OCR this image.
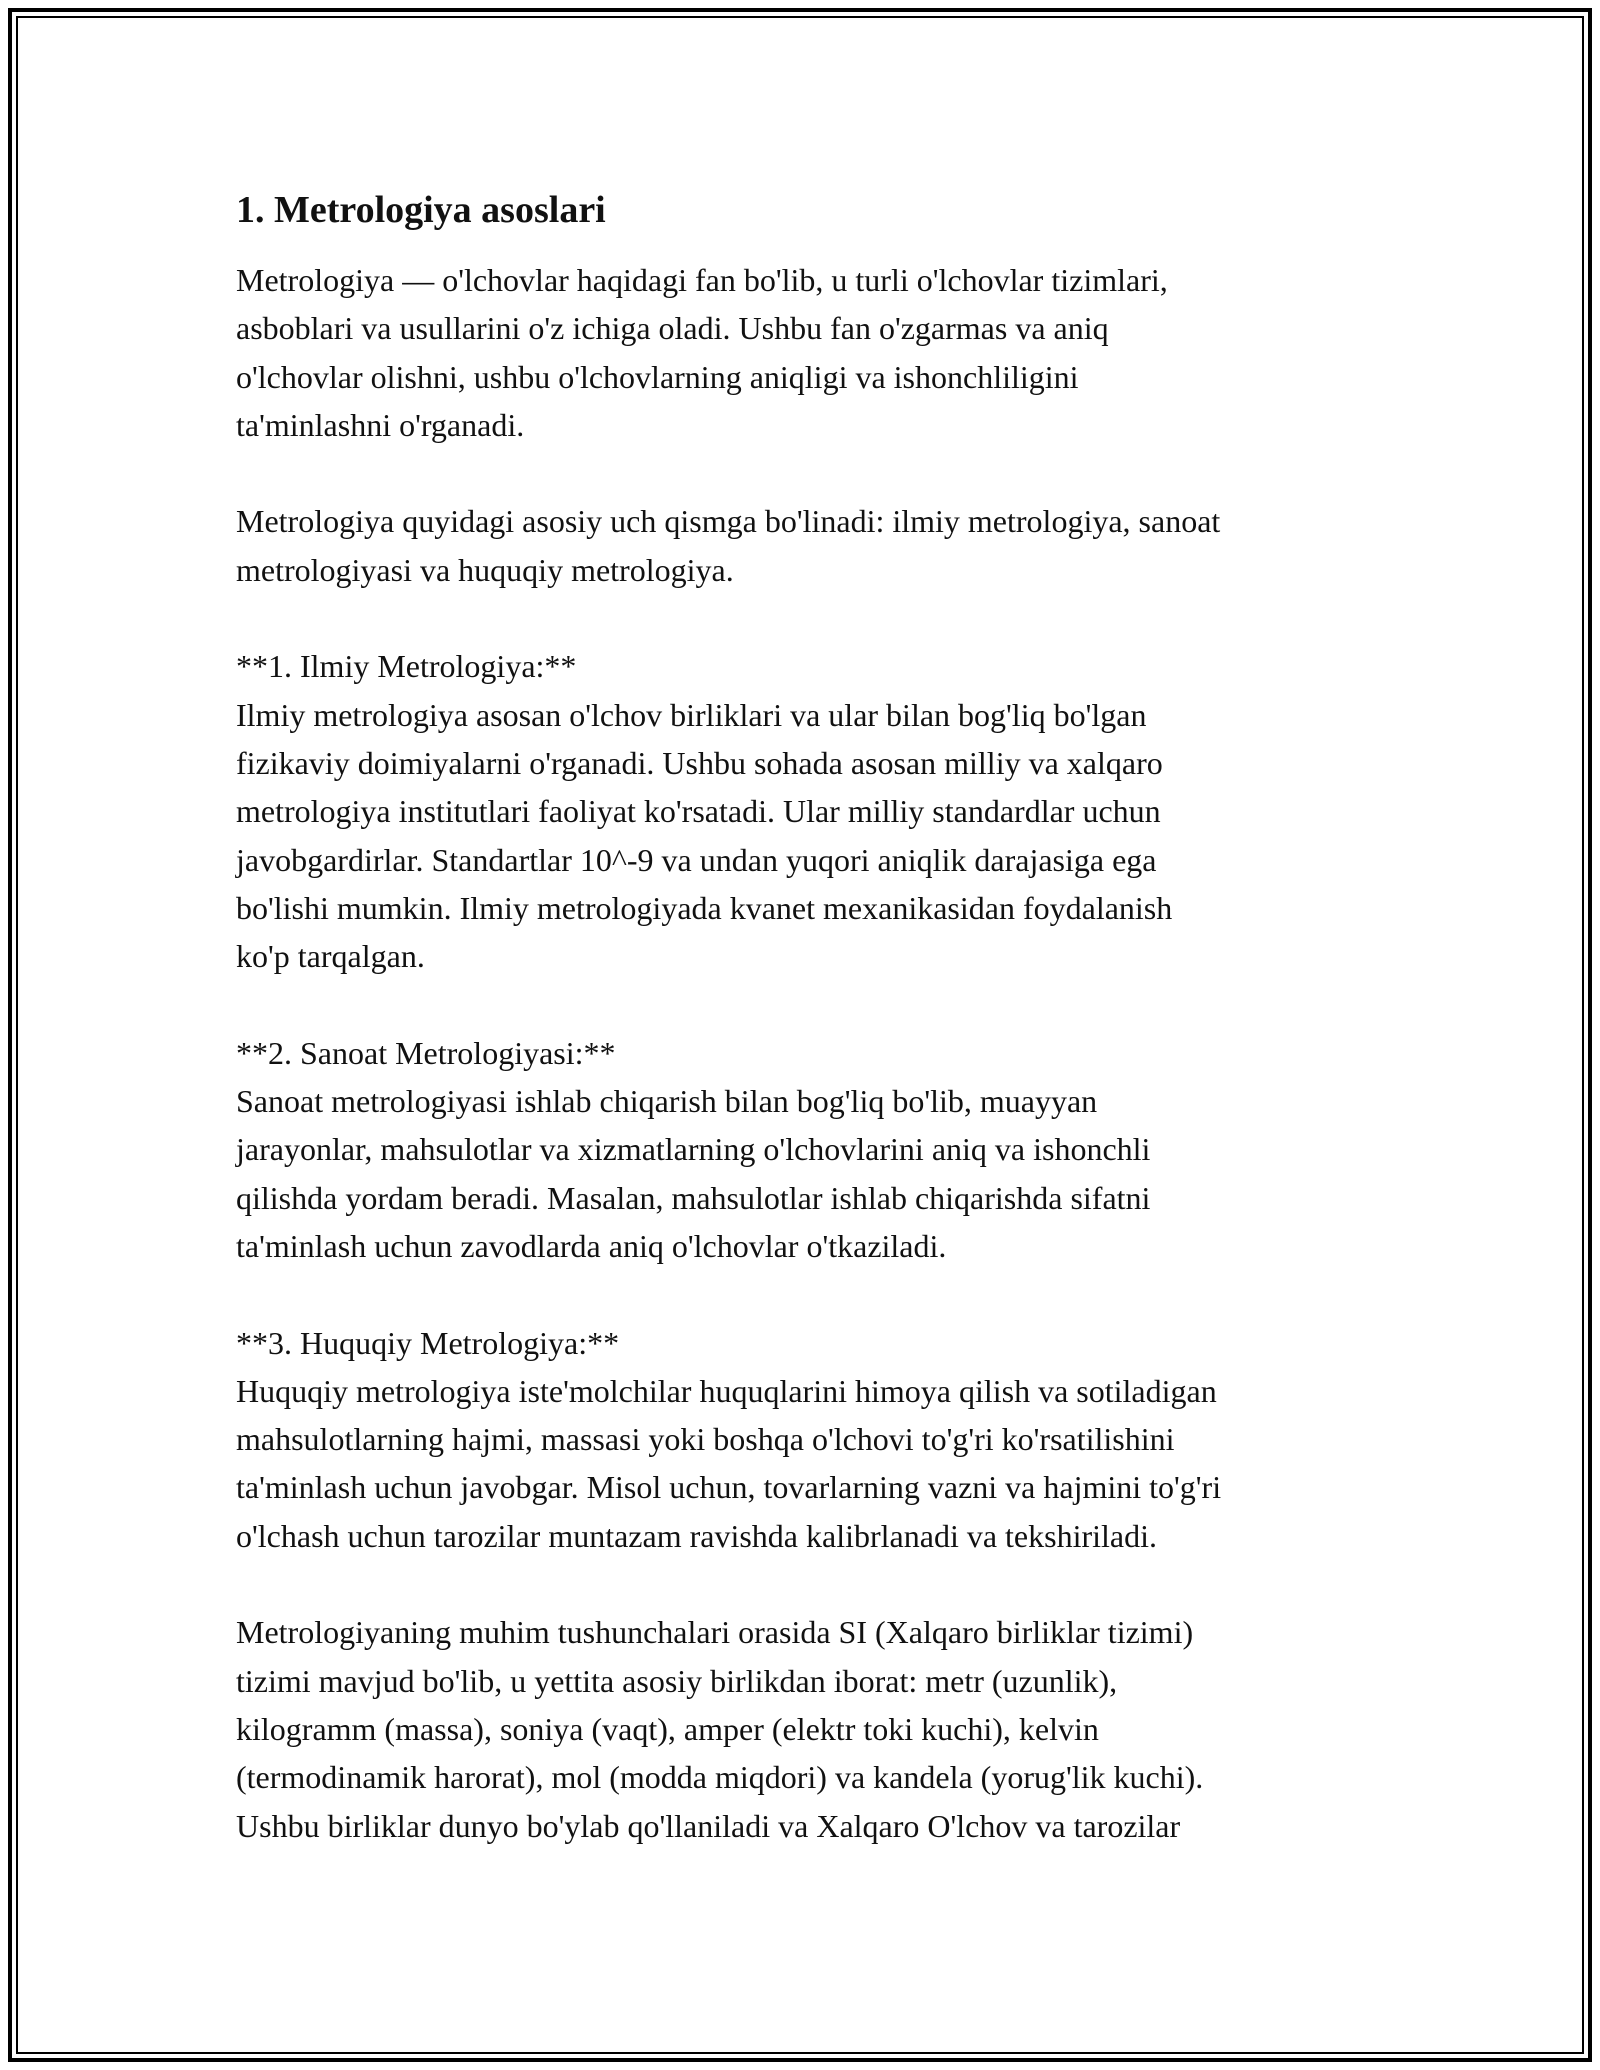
1. Metrologiya asoslari

Metrologiya — o'lchovlar haqidagi fan bo'lib, u turli o'lchovlar tizimlari,
asboblari va usullarini o'z ichiga oladi. Ushbu fan o'zgarmas va aniq
o'lchovlar olishni, ushbu o'lchovlarning aniqligi va ishonchliligini
ta'minlashni o'rganadi.

Metrologiya quyidagi asosiy uch qismga bo'linadi: ilmiy metrologiya, sanoat
metrologiyasi va huquqiy metrologiya.

**1. Ilmiy Metrologiya:**
Ilmiy metrologiya asosan o'lchov birliklari va ular bilan bog'liq bo'lgan
fizikaviy doimiyalarni o'rganadi. Ushbu sohada asosan milliy va xalqaro
metrologiya institutlari faoliyat ko'rsatadi. Ular milliy standardlar uchun
javobgardirlar. Standartlar 10^-9 va undan yuqori aniqlik darajasiga ega
bo'lishi mumkin. Ilmiy metrologiyada kvanet mexanikasidan foydalanish
ko'p tarqalgan.

**2. Sanoat Metrologiyasi:**
Sanoat metrologiyasi ishlab chiqarish bilan bog'liq bo'lib, muayyan
jarayonlar, mahsulotlar va xizmatlarning o'lchovlarini aniq va ishonchli
qilishda yordam beradi. Masalan, mahsulotlar ishlab chiqarishda sifatni
ta'minlash uchun zavodlarda aniq o'lchovlar o'tkaziladi.

**3. Huquqiy Metrologiya:**
Huquqiy metrologiya iste'molchilar huquqlarini himoya qilish va sotiladigan
mahsulotlarning hajmi, massasi yoki boshqa o'lchovi to'g'ri ko'rsatilishini
ta'minlash uchun javobgar. Misol uchun, tovarlarning vazni va hajmini to'g'ri
o'lchash uchun tarozilar muntazam ravishda kalibrlanadi va tekshiriladi.

Metrologiyaning muhim tushunchalari orasida SI (Xalqaro birliklar tizimi)
tizimi mavjud bo'lib, u yettita asosiy birlikdan iborat: metr (uzunlik),
kilogramm (massa), soniya (vaqt), amper (elektr toki kuchi), kelvin
(termodinamik harorat), mol (modda miqdori) va kandela (yorug'lik kuchi).
Ushbu birliklar dunyo bo'ylab qo'llaniladi va Xalqaro O'lchov va tarozilar
